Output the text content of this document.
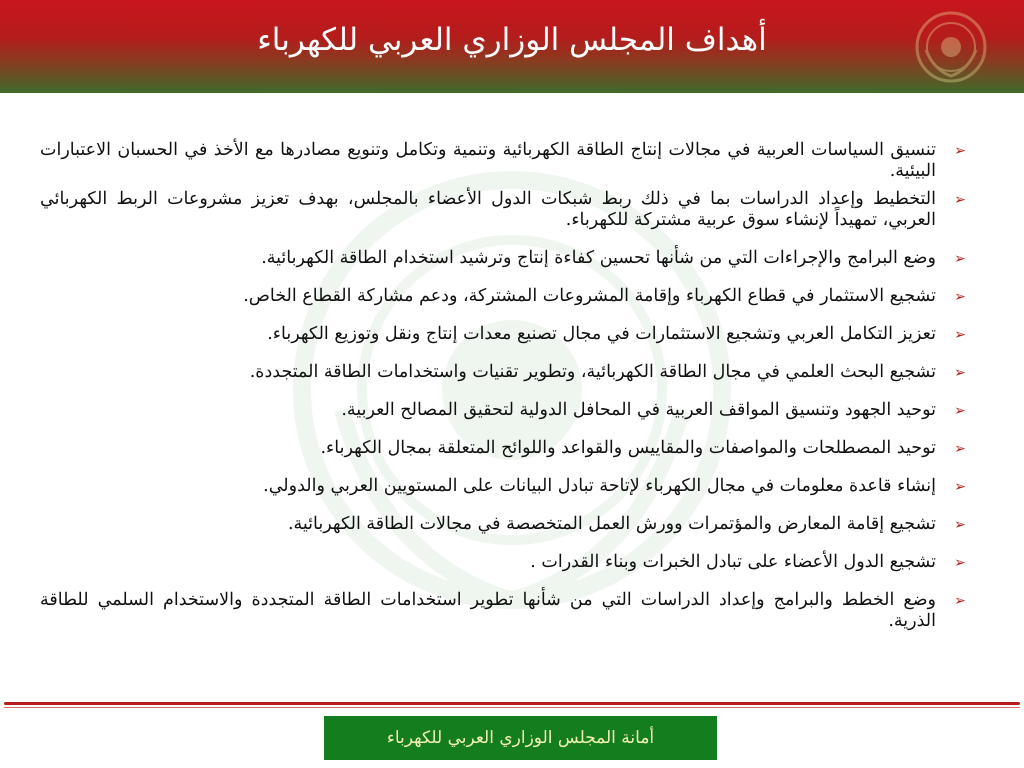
أهداف المجلس الوزاري العربي للكهرباء
➢
تنسيق السياسات العربية في مجالات إنتاج الطاقة الكهربائية وتنمية وتكامل وتنويع مصادرها مع الأخذ في الحسبان الاعتبارات البيئية.
➢
التخطيط وإعداد الدراسات بما في ذلك ربط شبكات الدول الأعضاء بالمجلس، بهدف تعزيز مشروعات الربط الكهربائي العربي، تمهيداً لإنشاء سوق عربية مشتركة للكهرباء.
➢
وضع البرامج والإجراءات التي من شأنها تحسين كفاءة إنتاج وترشيد استخدام الطاقة الكهربائية.
➢
تشجيع الاستثمار في قطاع الكهرباء وإقامة المشروعات المشتركة، ودعم مشاركة القطاع الخاص.
➢
تعزيز التكامل العربي وتشجيع الاستثمارات في مجال تصنيع معدات إنتاج ونقل وتوزيع الكهرباء.
➢
تشجيع البحث العلمي في مجال الطاقة الكهربائية، وتطوير تقنيات واستخدامات الطاقة المتجددة.
➢
توحيد الجهود وتنسيق المواقف العربية في المحافل الدولية لتحقيق المصالح العربية.
➢
توحيد المصطلحات والمواصفات والمقاييس والقواعد واللوائح المتعلقة بمجال الكهرباء.
➢
إنشاء قاعدة معلومات في مجال الكهرباء لإتاحة تبادل البيانات على المستويين العربي والدولي.
➢
تشجيع إقامة المعارض والمؤتمرات وورش العمل المتخصصة في مجالات الطاقة الكهربائية.
➢
تشجيع الدول الأعضاء على تبادل الخبرات وبناء القدرات .
➢
وضع الخطط والبرامج وإعداد الدراسات التي من شأنها تطوير استخدامات الطاقة المتجددة والاستخدام السلمي للطاقة الذرية.
أمانة المجلس الوزاري العربي للكهرباء
